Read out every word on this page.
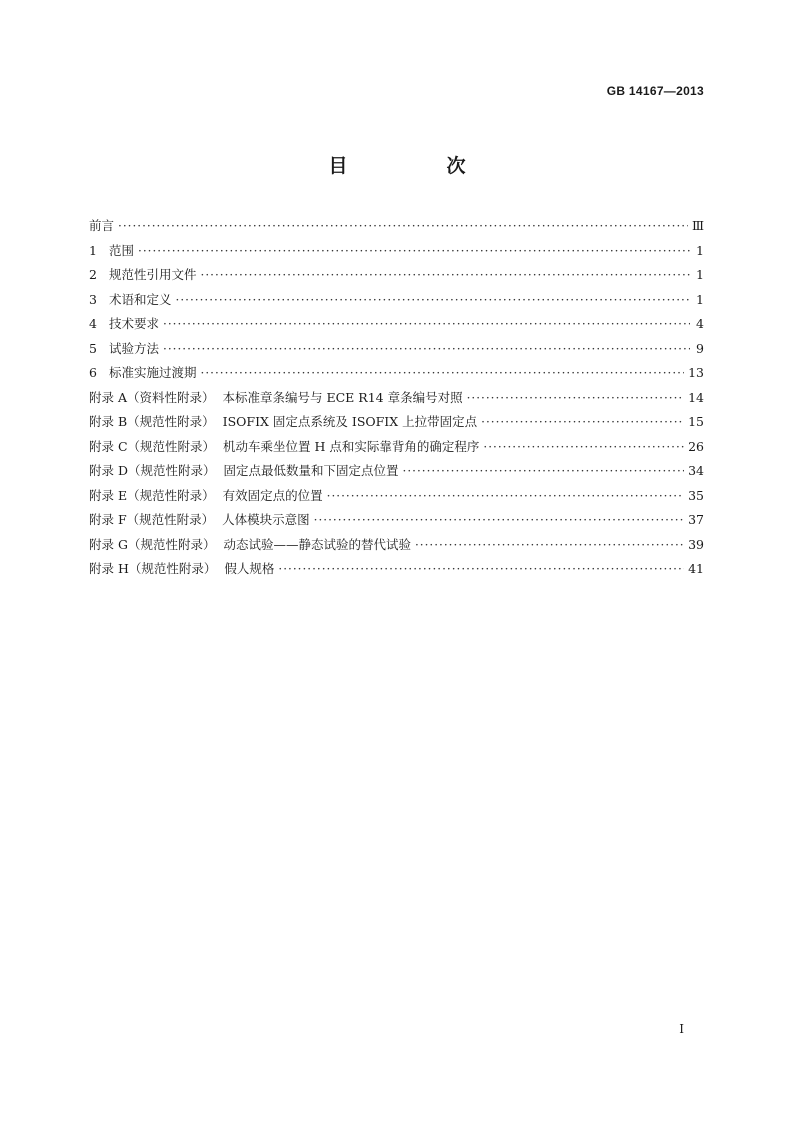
GB 14167—2013
目　次
前言 ·····	Ⅲ
1 范围 ·····	1
2 规范性引用文件 ·····	1
3 术语和定义 ·····	1
4 技术要求 ·····	4
5 试验方法 ·····	9
6 标准实施过渡期 ·····	13
附录 A（资料性附录） 本标准章条编号与 ECE R14 章条编号对照 ·····	14
附录 B（规范性附录） ISOFIX 固定点系统及 ISOFIX 上拉带固定点 ·····	15
附录 C（规范性附录） 机动车乘坐位置 H 点和实际靠背角的确定程序 ·····	26
附录 D（规范性附录） 固定点最低数量和下固定点位置 ·····	34
附录 E（规范性附录） 有效固定点的位置 ·····	35
附录 F（规范性附录） 人体模块示意图 ·····	37
附录 G（规范性附录） 动态试验——静态试验的替代试验 ·····	39
附录 H（规范性附录） 假人规格 ·····	41
Ⅰ
